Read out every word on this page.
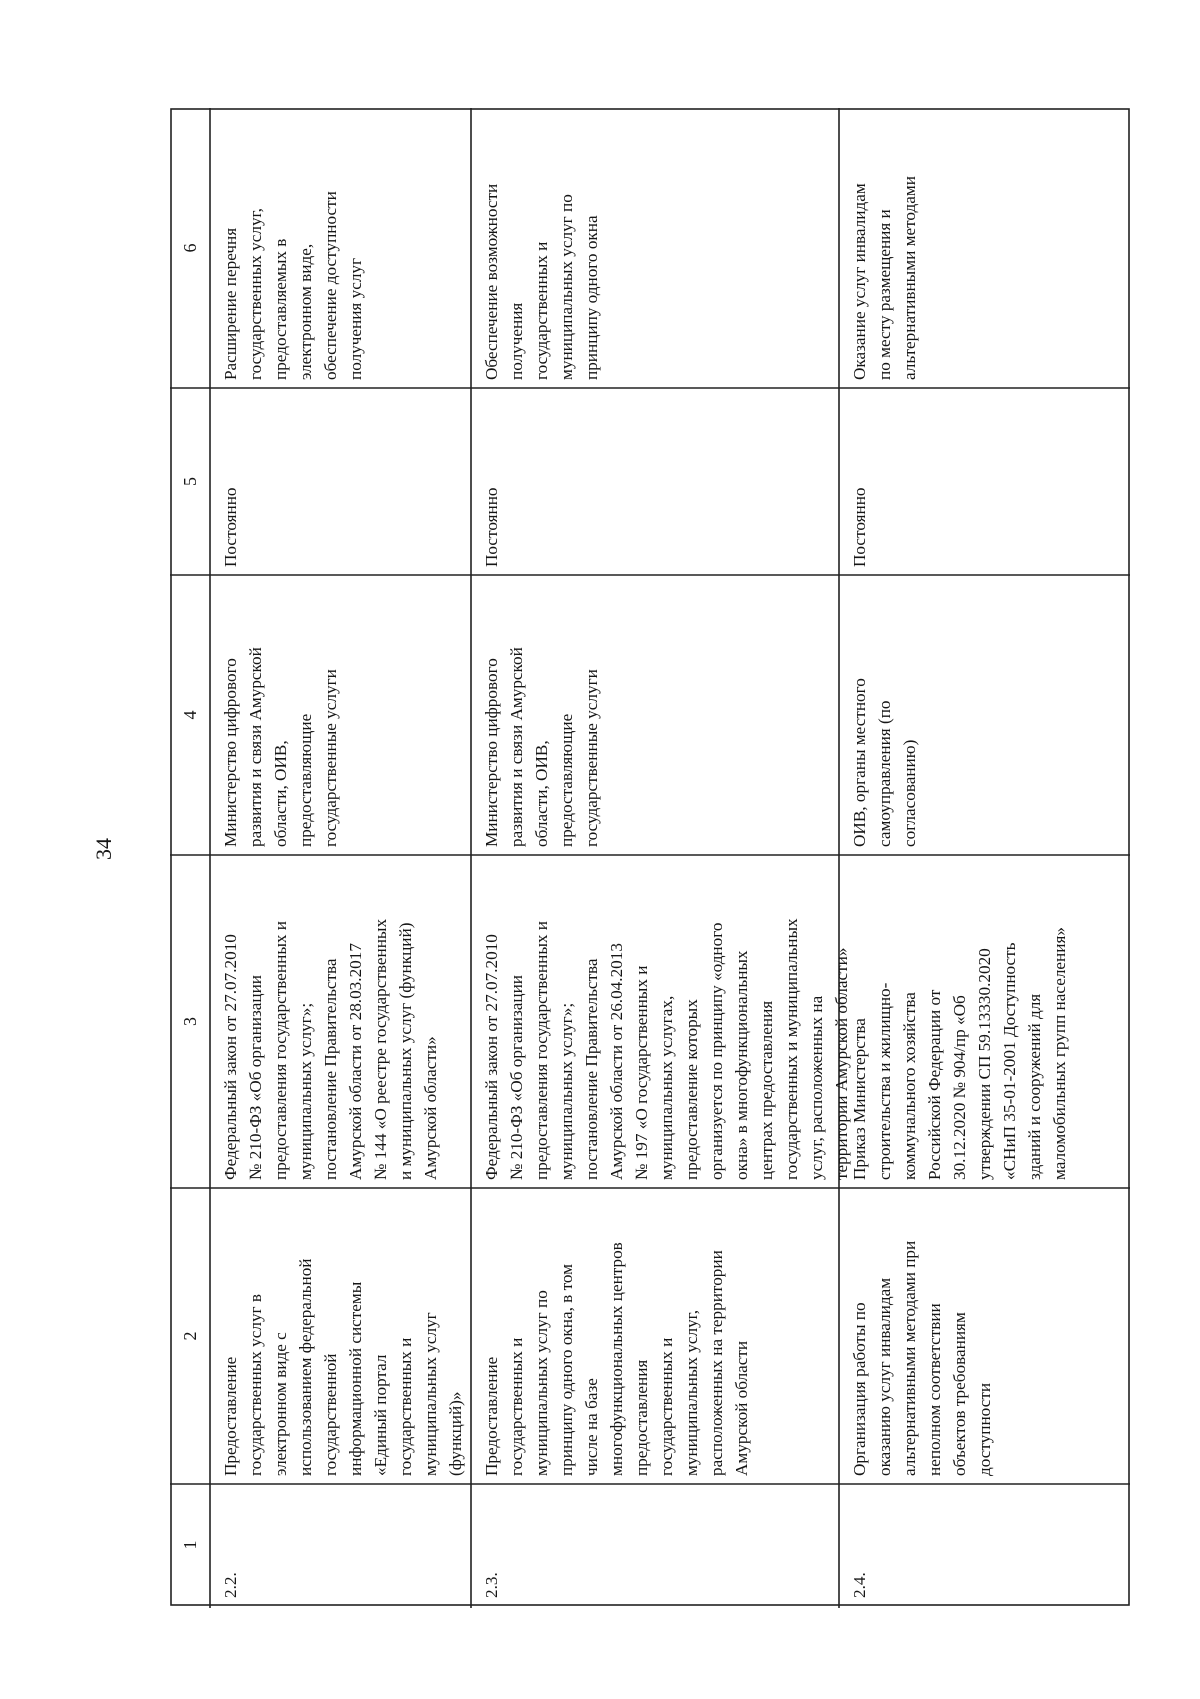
34
1
2
3
4
5
6
2.2.
Предоставление государственных услуг в электронном виде с использованием федеральной государственной информационной системы «Единый портал государственных и муниципальных услуг (функций)»
Федеральный закон от 27.07.2010 № 210-ФЗ «Об организации предоставления государственных и муниципальных услуг»; постановление Правительства Амурской области от 28.03.2017 № 144 «О реестре государственных и муниципальных услуг (функций) Амурской области»
Министерство цифрового развития и связи Амурской области, ОИВ, предоставляющие государственные услуги
Постоянно
Расширение перечня государственных услуг, предоставляемых в электронном виде, обеспечение доступности получения услуг
2.3.
Предоставление государственных и муниципальных услуг по принципу одного окна, в том числе на базе многофункциональных центров предоставления государственных и муниципальных услуг, расположенных на территории Амурской области
Федеральный закон от 27.07.2010 № 210-ФЗ «Об организации предоставления государственных и муниципальных услуг»; постановление Правительства Амурской области от 26.04.2013 № 197 «О государственных и муниципальных услугах, предоставление которых организуется по принципу «одного окна» в многофункциональных центрах предоставления государственных и муниципальных услуг, расположенных на территории Амурской области»
Министерство цифрового развития и связи Амурской области, ОИВ, предоставляющие государственные услуги
Постоянно
Обеспечение возможности получения государственных и муниципальных услуг по принципу одного окна
2.4.
Организация работы по оказанию услуг инвалидам альтернативными методами при неполном соответствии объектов требованиям доступности
Приказ Министерства строительства и жилищно- коммунального хозяйства Российской Федерации от 30.12.2020 № 904/пр «Об утверждении СП 59.13330.2020 «СНиП 35-01-2001 Доступность зданий и сооружений для маломобильных групп населения»
ОИВ, органы местного самоуправления (по согласованию)
Постоянно
Оказание услуг инвалидам по месту размещения и альтернативными методами
